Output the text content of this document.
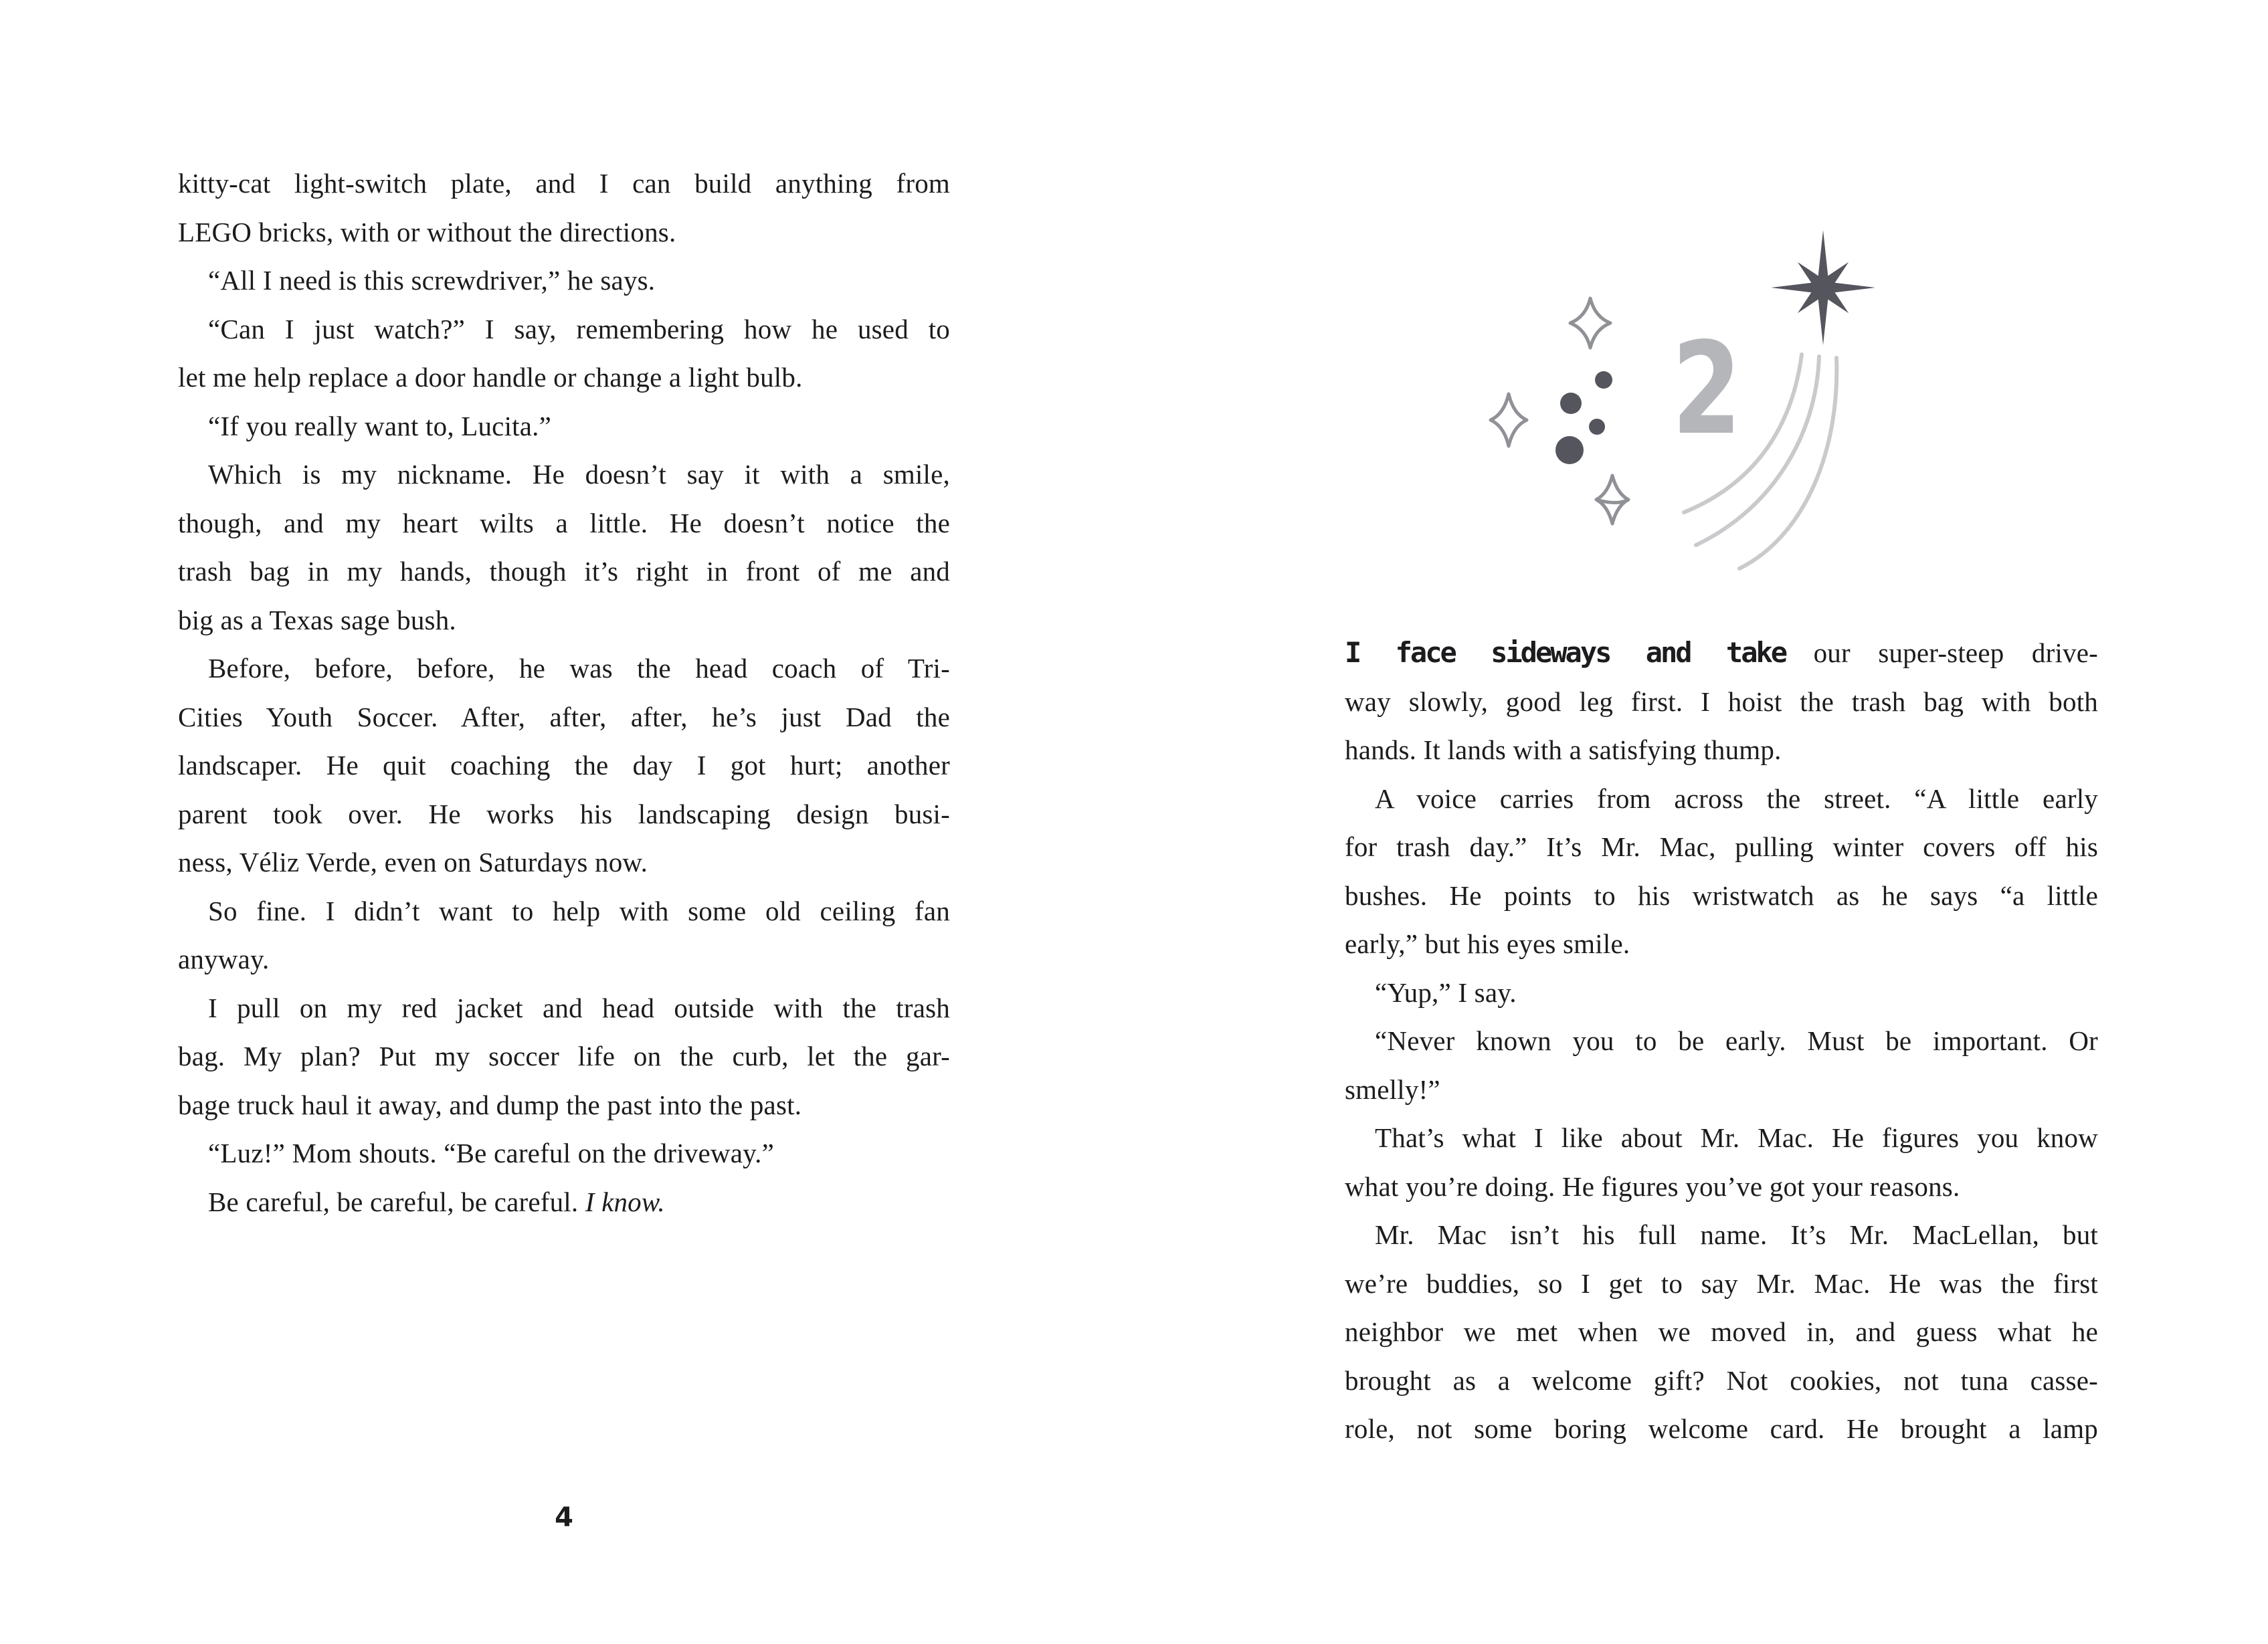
kitty-cat light-switch plate, and I can build anything from
LEGO bricks, with or without the directions.
“All I need is this screwdriver,” he says.
“Can I just watch?” I say, remembering how he used to
let me help replace a door handle or change a light bulb.
“If you really want to, Lucita.”
Which is my nickname. He doesn’t say it with a smile,
though, and my heart wilts a little. He doesn’t notice the
trash bag in my hands, though it’s right in front of me and
big as a Texas sage bush.
Before, before, before, he was the head coach of Tri-
Cities Youth Soccer. After, after, after, he’s just Dad the
landscaper. He quit coaching the day I got hurt; another
parent took over. He works his landscaping design busi-
ness, Véliz Verde, even on Saturdays now.
So fine. I didn’t want to help with some old ceiling fan
anyway.
I pull on my red jacket and head outside with the trash
bag. My plan? Put my soccer life on the curb, let the gar-
bage truck haul it away, and dump the past into the past.
“Luz!” Mom shouts. “Be careful on the driveway.”
Be careful, be careful, be careful. I know.
4
2
I face sideways and take our super-steep drive-
way slowly, good leg first. I hoist the trash bag with both
hands. It lands with a satisfying thump.
A voice carries from across the street. “A little early
for trash day.” It’s Mr. Mac, pulling winter covers off his
bushes. He points to his wristwatch as he says “a little
early,” but his eyes smile.
“Yup,” I say.
“Never known you to be early. Must be important. Or
smelly!”
That’s what I like about Mr. Mac. He figures you know
what you’re doing. He figures you’ve got your reasons.
Mr. Mac isn’t his full name. It’s Mr. MacLellan, but
we’re buddies, so I get to say Mr. Mac. He was the first
neighbor we met when we moved in, and guess what he
brought as a welcome gift? Not cookies, not tuna casse-
role, not some boring welcome card. He brought a lamp
